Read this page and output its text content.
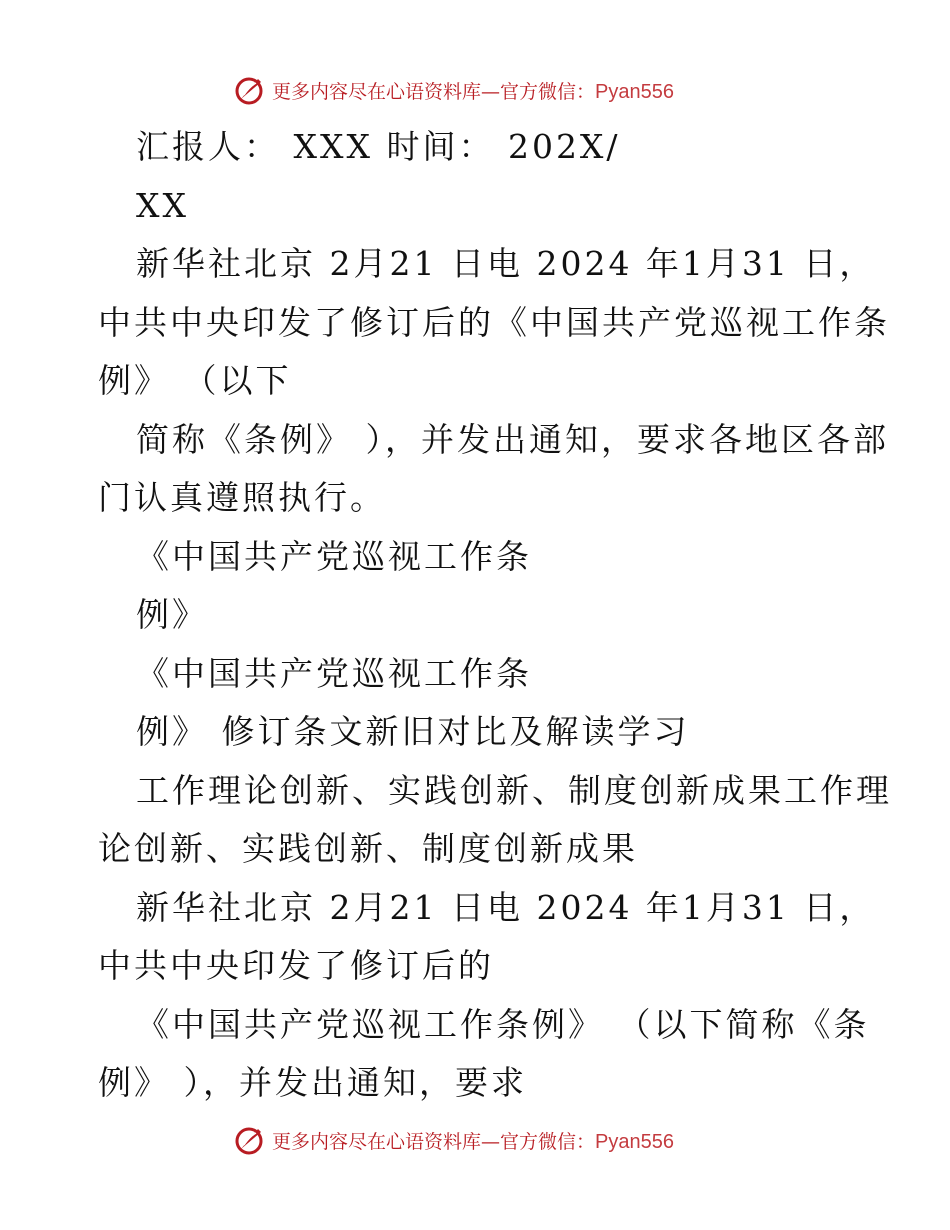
更多内容尽在心语资料库—官方微信：Pyan556
汇报人： XXX 时间： 202X/
XX
新华社北京 2月21 日电 2024 年1月31 日，
中共中央印发了修订后的《中国共产党巡视工作条
例》 （以下
简称《条例》 ），并发出通知，要求各地区各部
门认真遵照执行。
《中国共产党巡视工作条
例》
《中国共产党巡视工作条
例》 修订条文新旧对比及解读学习
工作理论创新、实践创新、制度创新成果工作理
论创新、实践创新、制度创新成果
新华社北京 2月21 日电 2024 年1月31 日，
中共中央印发了修订后的
《中国共产党巡视工作条例》 （以下简称《条
例》 ），并发出通知，要求
更多内容尽在心语资料库—官方微信：Pyan556
